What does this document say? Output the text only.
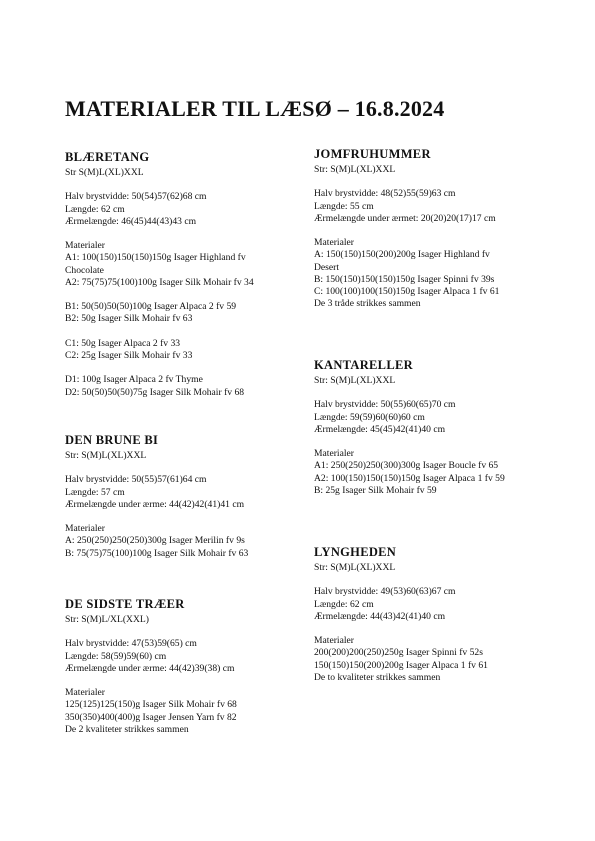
MATERIALER TIL LÆSØ – 16.8.2024
BLÆRETANG
Str S(M)L(XL)XXL
Halv brystvidde: 50(54)57(62)68 cm
Længde: 62 cm
Ærmelængde: 46(45)44(43)43 cm
Materialer
A1: 100(150)150(150)150g Isager Highland fv
Chocolate
A2: 75(75)75(100)100g Isager Silk Mohair fv 34
B1: 50(50)50(50)100g Isager Alpaca 2 fv 59
B2: 50g Isager Silk Mohair fv 63
C1: 50g Isager Alpaca 2 fv 33
C2: 25g Isager Silk Mohair fv 33
D1: 100g Isager Alpaca 2 fv Thyme
D2: 50(50)50(50)75g Isager Silk Mohair fv 68
DEN BRUNE BI
Str: S(M)L(XL)XXL
Halv brystvidde: 50(55)57(61)64 cm
Længde: 57 cm
Ærmelængde under ærme: 44(42)42(41)41 cm
Materialer
A: 250(250)250(250)300g Isager Merilin fv 9s
B: 75(75)75(100)100g Isager Silk Mohair fv 63
DE SIDSTE TRÆER
Str: S(M)L/XL(XXL)
Halv brystvidde: 47(53)59(65) cm
Længde: 58(59)59(60) cm
Ærmelængde under ærme: 44(42)39(38) cm
Materialer
125(125)125(150)g Isager Silk Mohair fv 68
350(350)400(400)g Isager Jensen Yarn fv 82
De 2 kvaliteter strikkes sammen
JOMFRUHUMMER
Str: S(M)L(XL)XXL
Halv brystvidde: 48(52)55(59)63 cm
Længde: 55 cm
Ærmelængde under ærmet: 20(20)20(17)17 cm
Materialer
A: 150(150)150(200)200g Isager Highland fv
Desert
B: 150(150)150(150)150g Isager Spinni fv 39s
C: 100(100)100(150)150g Isager Alpaca 1 fv 61
De 3 tråde strikkes sammen
KANTARELLER
Str: S(M)L(XL)XXL
Halv brystvidde: 50(55)60(65)70 cm
Længde: 59(59)60(60)60 cm
Ærmelængde: 45(45)42(41)40 cm
Materialer
A1: 250(250)250(300)300g Isager Boucle fv 65
A2: 100(150)150(150)150g Isager Alpaca 1 fv 59
B: 25g Isager Silk Mohair fv 59
LYNGHEDEN
Str: S(M)L(XL)XXL
Halv brystvidde: 49(53)60(63)67 cm
Længde: 62 cm
Ærmelængde: 44(43)42(41)40 cm
Materialer
200(200)200(250)250g Isager Spinni fv 52s
150(150)150(200)200g Isager Alpaca 1 fv 61
De to kvaliteter strikkes sammen
